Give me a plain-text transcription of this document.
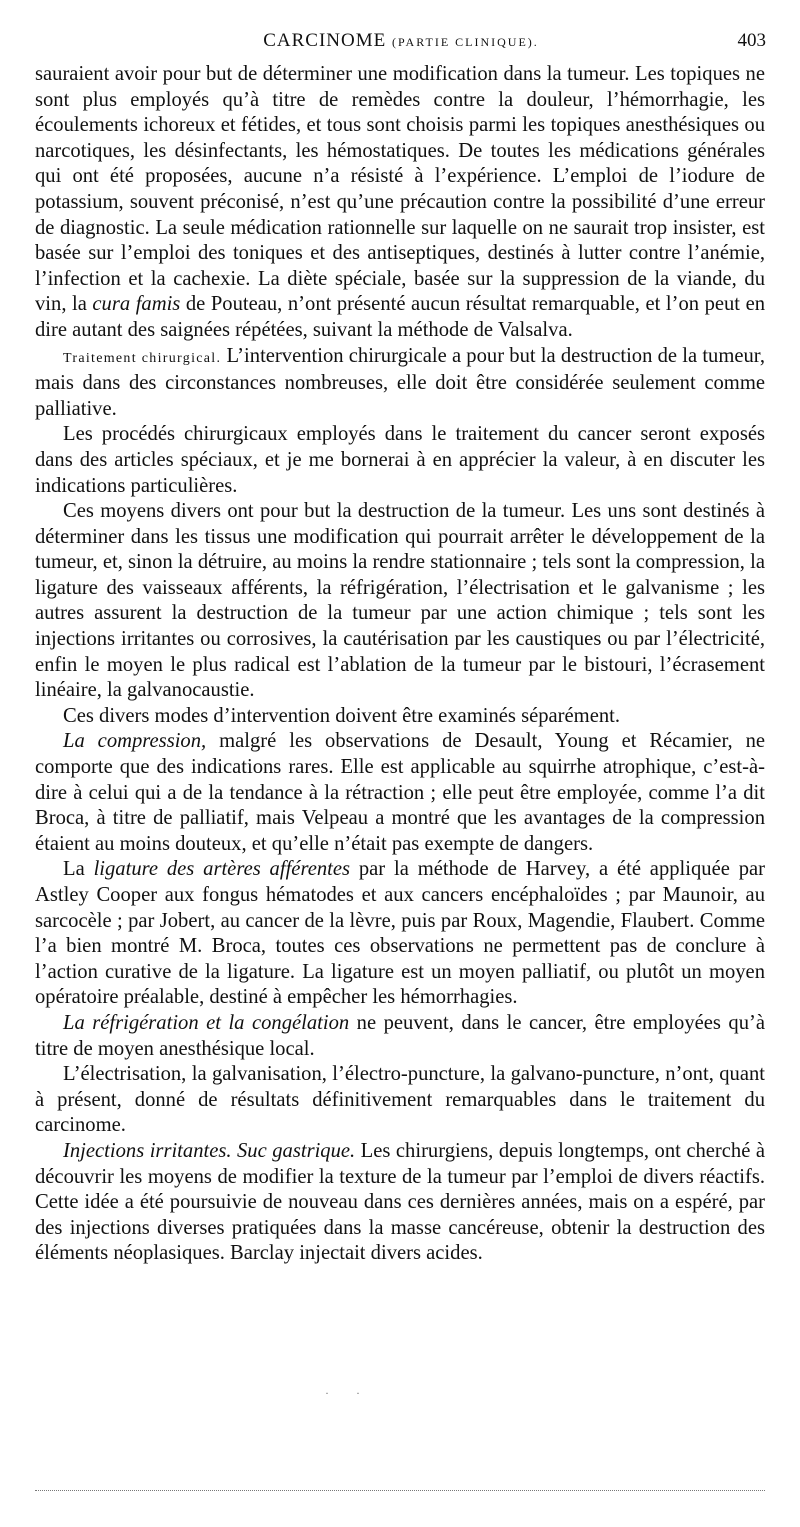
CARCINOME (PARTIE CLINIQUE).	403

sauraient avoir pour but de déterminer une modification dans la tumeur. Les topiques ne sont plus employés qu’à titre de remèdes contre la douleur, l’hémorrhagie, les écoulements ichoreux et fétides, et tous sont choisis parmi les topiques anesthésiques ou narcotiques, les désinfectants, les hémostatiques. De toutes les médications générales qui ont été proposées, aucune n’a résisté à l’expérience. L’emploi de l’iodure de potassium, souvent préconisé, n’est qu’une précaution contre la possibilité d’une erreur de diagnostic. La seule médication rationnelle sur laquelle on ne saurait trop insister, est basée sur l’emploi des toniques et des antiseptiques, destinés à lutter contre l’anémie, l’infection et la cachexie. La diète spéciale, basée sur la suppression de la viande, du vin, la cura famis de Pouteau, n’ont présenté aucun résultat remarquable, et l’on peut en dire autant des saignées répétées, suivant la méthode de Valsalva.

Traitement chirurgical. L’intervention chirurgicale a pour but la destruction de la tumeur, mais dans des circonstances nombreuses, elle doit être considérée seulement comme palliative.

Les procédés chirurgicaux employés dans le traitement du cancer seront exposés dans des articles spéciaux, et je me bornerai à en apprécier la valeur, à en discuter les indications particulières.

Ces moyens divers ont pour but la destruction de la tumeur. Les uns sont destinés à déterminer dans les tissus une modification qui pourrait arrêter le développement de la tumeur, et, sinon la détruire, au moins la rendre stationnaire ; tels sont la compression, la ligature des vaisseaux afférents, la réfrigération, l’électrisation et le galvanisme ; les autres assurent la destruction de la tumeur par une action chimique ; tels sont les injections irritantes ou corrosives, la cautérisation par les caustiques ou par l’électricité, enfin le moyen le plus radical est l’ablation de la tumeur par le bistouri, l’écrasement linéaire, la galvanocaustie.

Ces divers modes d’intervention doivent être examinés séparément.

La compression, malgré les observations de Desault, Young et Récamier, ne comporte que des indications rares. Elle est applicable au squirrhe atrophique, c’est-à-dire à celui qui a de la tendance à la rétraction ; elle peut être employée, comme l’a dit Broca, à titre de palliatif, mais Velpeau a montré que les avantages de la compression étaient au moins douteux, et qu’elle n’était pas exempte de dangers.

La ligature des artères afférentes par la méthode de Harvey, a été appliquée par Astley Cooper aux fongus hématodes et aux cancers encéphaloïdes ; par Maunoir, au sarcocèle ; par Jobert, au cancer de la lèvre, puis par Roux, Magendie, Flaubert. Comme l’a bien montré M. Broca, toutes ces observations ne permettent pas de conclure à l’action curative de la ligature. La ligature est un moyen palliatif, ou plutôt un moyen opératoire préalable, destiné à empêcher les hémorrhagies.

La réfrigération et la congélation ne peuvent, dans le cancer, être employées qu’à titre de moyen anesthésique local.

L’électrisation, la galvanisation, l’électro-puncture, la galvano-puncture, n’ont, quant à présent, donné de résultats définitivement remarquables dans le traitement du carcinome.

Injections irritantes. Suc gastrique. Les chirurgiens, depuis longtemps, ont cherché à découvrir les moyens de modifier la texture de la tumeur par l’emploi de divers réactifs. Cette idée a été poursuivie de nouveau dans ces dernières années, mais on a espéré, par des injections diverses pratiquées dans la masse cancéreuse, obtenir la destruction des éléments néoplasiques. Barclay injectait divers acides.

· ·
